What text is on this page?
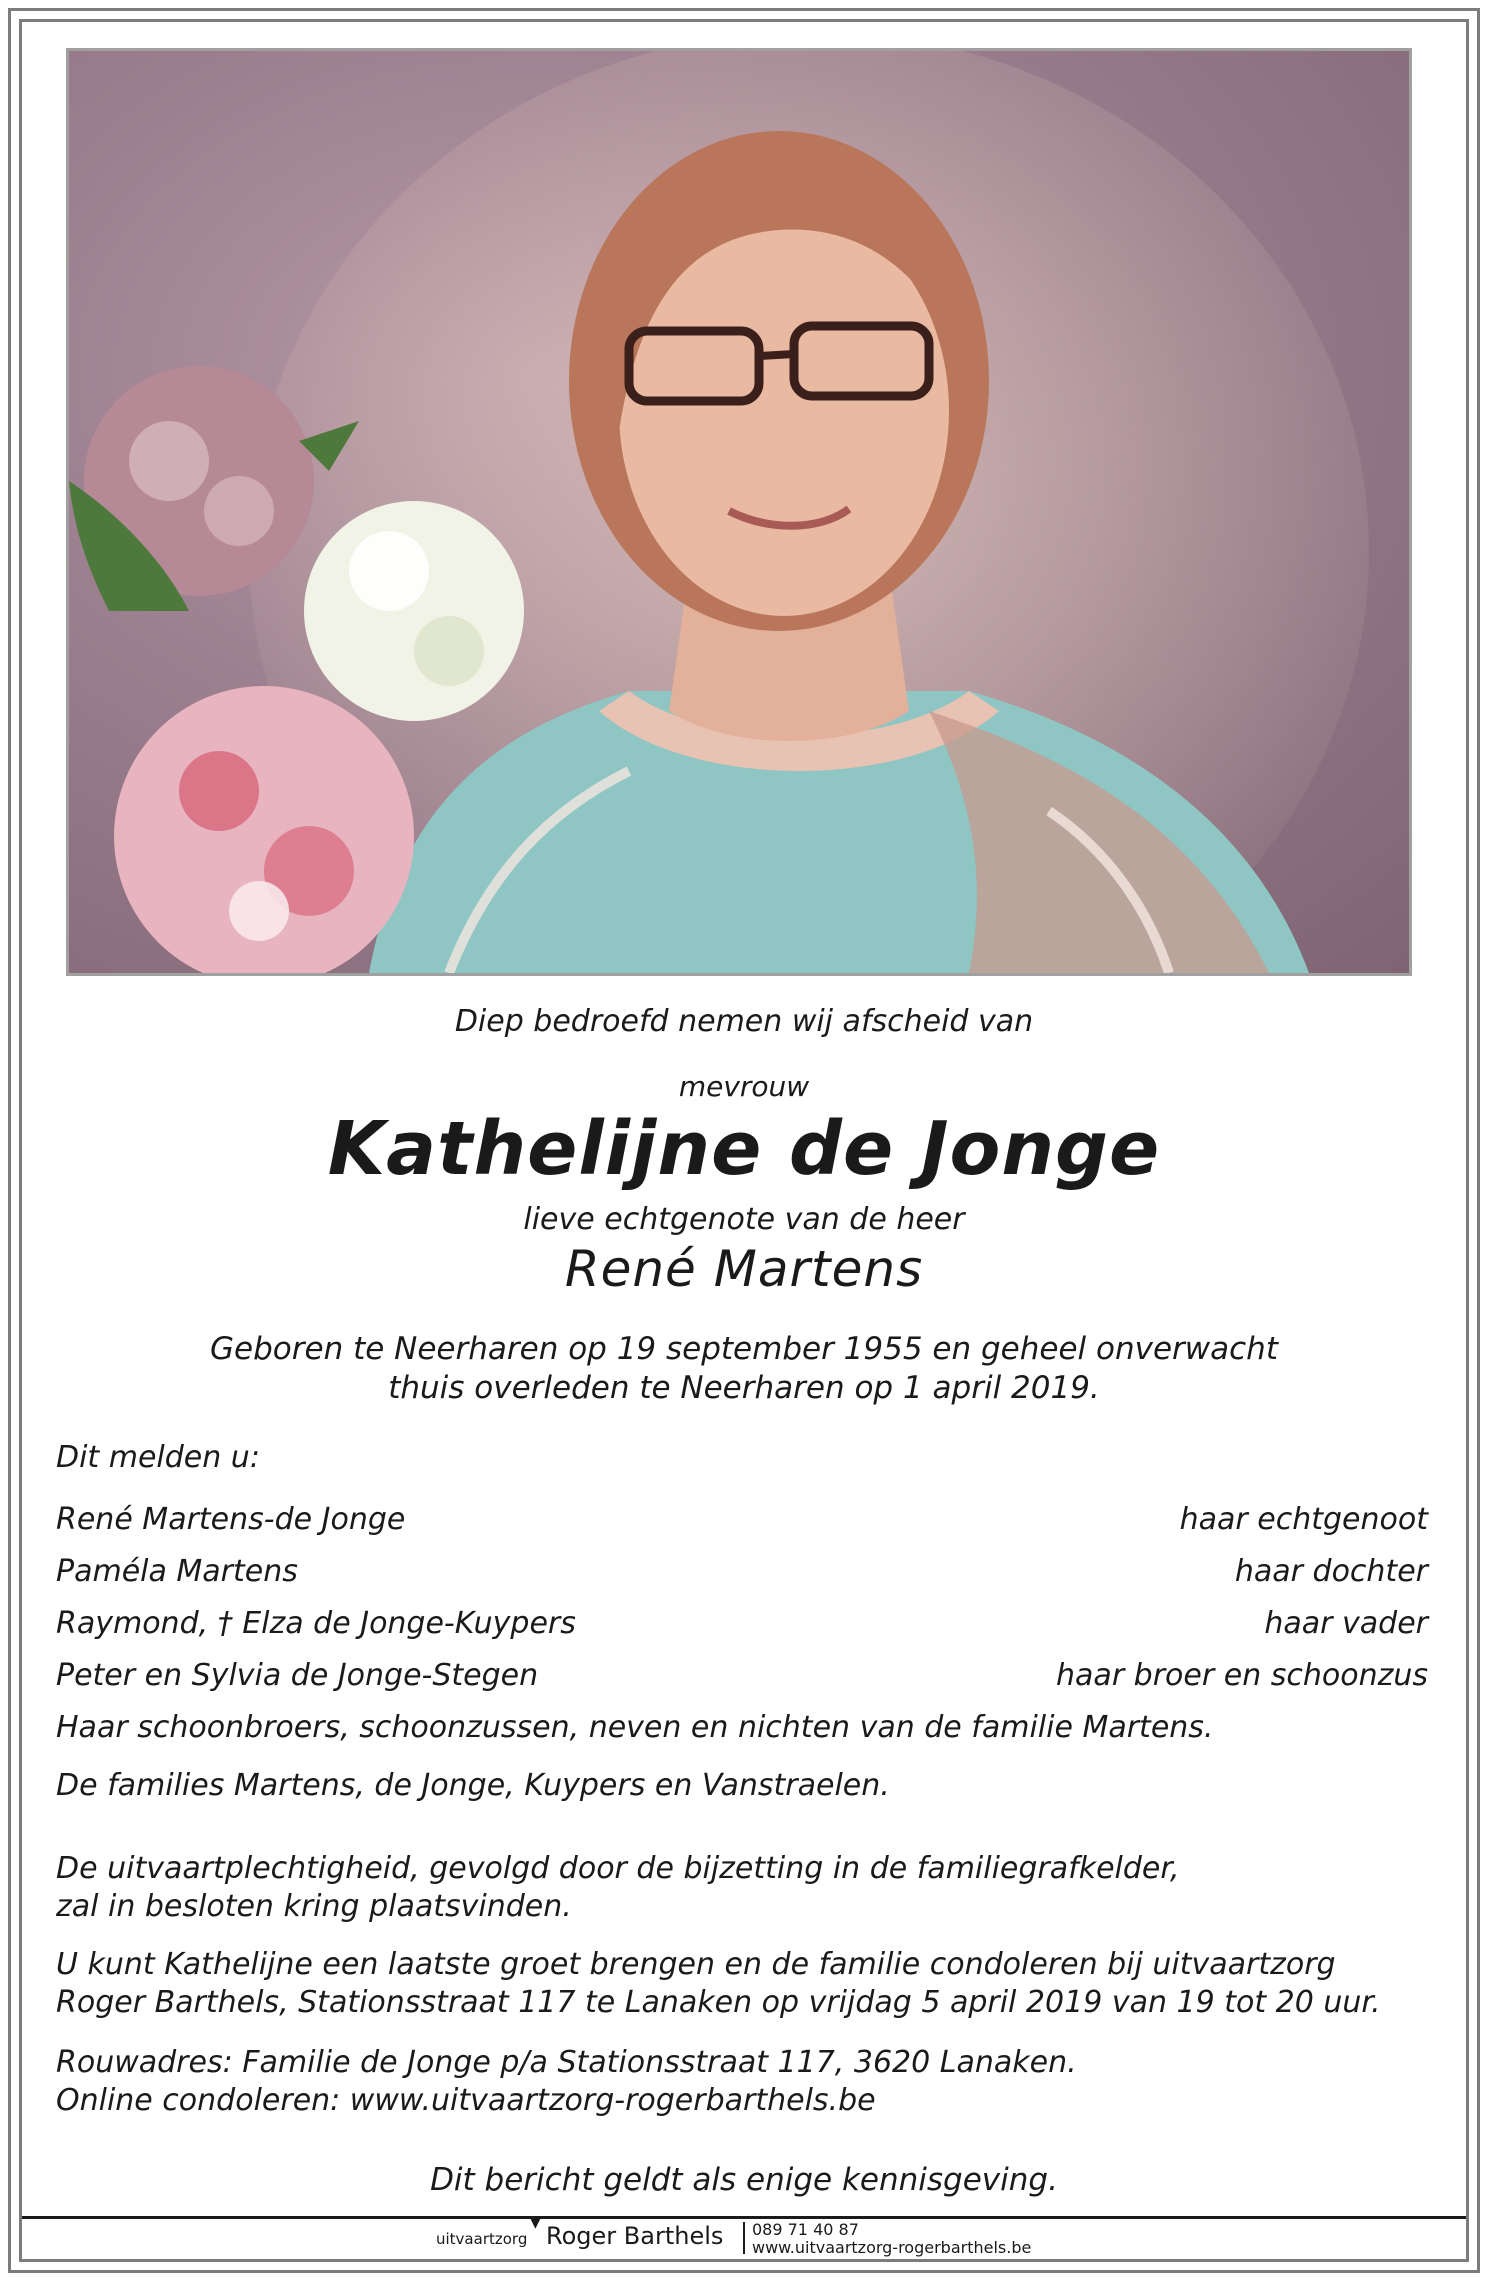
Diep bedroefd nemen wij afscheid van
mevrouw
Kathelijne de Jonge
lieve echtgenote van de heer
René Martens
Geboren te Neerharen op 19 september 1955 en geheel onverwacht
thuis overleden te Neerharen op 1 april 2019.
Dit melden u:
René Martens-de Jonge	haar echtgenoot
Paméla Martens	haar dochter
Raymond, † Elza de Jonge-Kuypers	haar vader
Peter en Sylvia de Jonge-Stegen	haar broer en schoonzus
Haar schoonbroers, schoonzussen, neven en nichten van de familie Martens.
De families Martens, de Jonge, Kuypers en Vanstraelen.
De uitvaartplechtigheid, gevolgd door de bijzetting in de familiegrafkelder,
zal in besloten kring plaatsvinden.
U kunt Kathelijne een laatste groet brengen en de familie condoleren bij uitvaartzorg
Roger Barthels, Stationsstraat 117 te Lanaken op vrijdag 5 april 2019 van 19 tot 20 uur.
Rouwadres: Familie de Jonge p/a Stationsstraat 117, 3620 Lanaken.
Online condoleren: www.uitvaartzorg-rogerbarthels.be
Dit bericht geldt als enige kennisgeving.
uitvaartzorg
▼ Roger Barthels 089 71 40 87
www.uitvaartzorg-rogerbarthels.be
